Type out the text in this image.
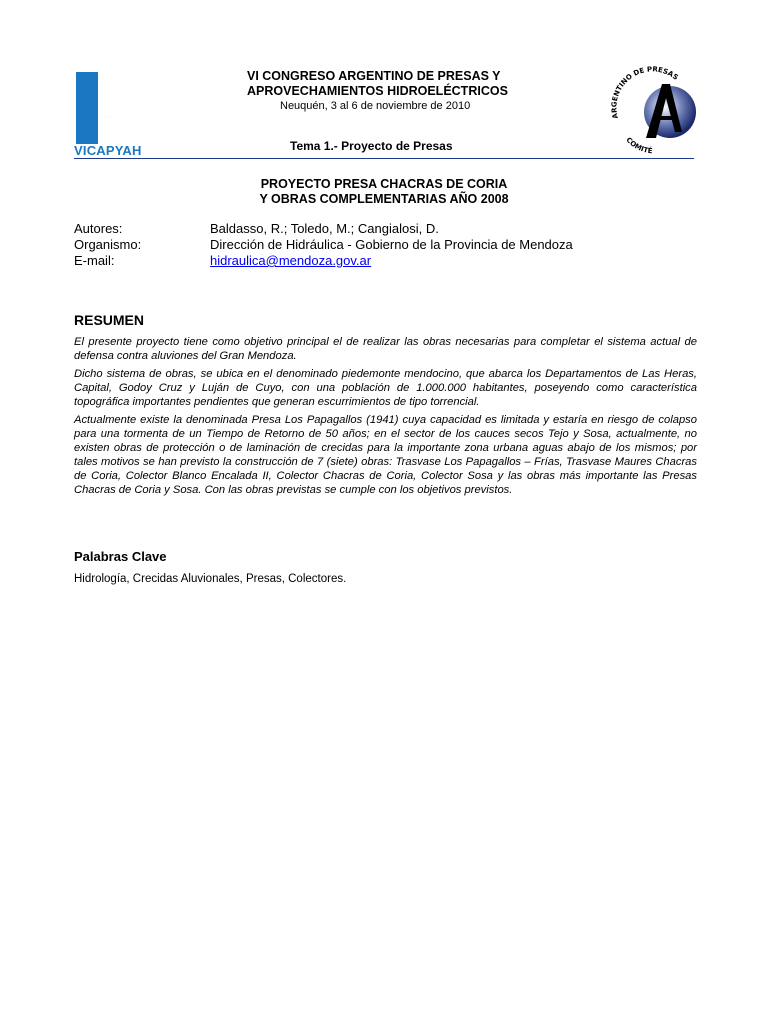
VICAPYAH
VI CONGRESO ARGENTINO DE PRESAS Y
APROVECHAMIENTOS HIDROELÉCTRICOS
Neuquén, 3 al 6 de noviembre de 2010
Tema 1.- Proyecto de Presas
ARGENTINO DE PRESAS
COMITÉ
PROYECTO PRESA CHACRAS DE CORIA
Y OBRAS COMPLEMENTARIAS AÑO 2008
Autores:	Baldasso, R.; Toledo, M.; Cangialosi, D.
Organismo:	Dirección de Hidráulica - Gobierno de la Provincia de Mendoza
E-mail:	hidraulica@mendoza.gov.ar
RESUMEN

El presente proyecto tiene como objetivo principal el de realizar las obras necesarias para completar el sistema actual de defensa contra aluviones del Gran Mendoza.

Dicho sistema de obras, se ubica en el denominado piedemonte mendocino, que abarca los Departamentos de Las Heras, Capital, Godoy Cruz y Luján de Cuyo, con una población de 1.000.000 habitantes, poseyendo como característica topográfica importantes pendientes que generan escurrimientos de tipo torrencial.

Actualmente existe la denominada Presa Los Papagallos (1941) cuya capacidad es limitada y estaría en riesgo de colapso para una tormenta de un Tiempo de Retorno de 50 años; en el sector de los cauces secos Tejo y Sosa, actualmente, no existen obras de protección o de laminación de crecidas para la importante zona urbana aguas abajo de los mismos; por tales motivos se han previsto la construcción de 7 (siete) obras: Trasvase Los Papagallos – Frías, Trasvase Maures Chacras de Coria, Colector Blanco Encalada II, Colector Chacras de Coria, Colector Sosa y las obras más importante las Presas Chacras de Coria y Sosa. Con las obras previstas se cumple con los objetivos previstos.

Palabras Clave
Hidrología, Crecidas Aluvionales, Presas, Colectores.
